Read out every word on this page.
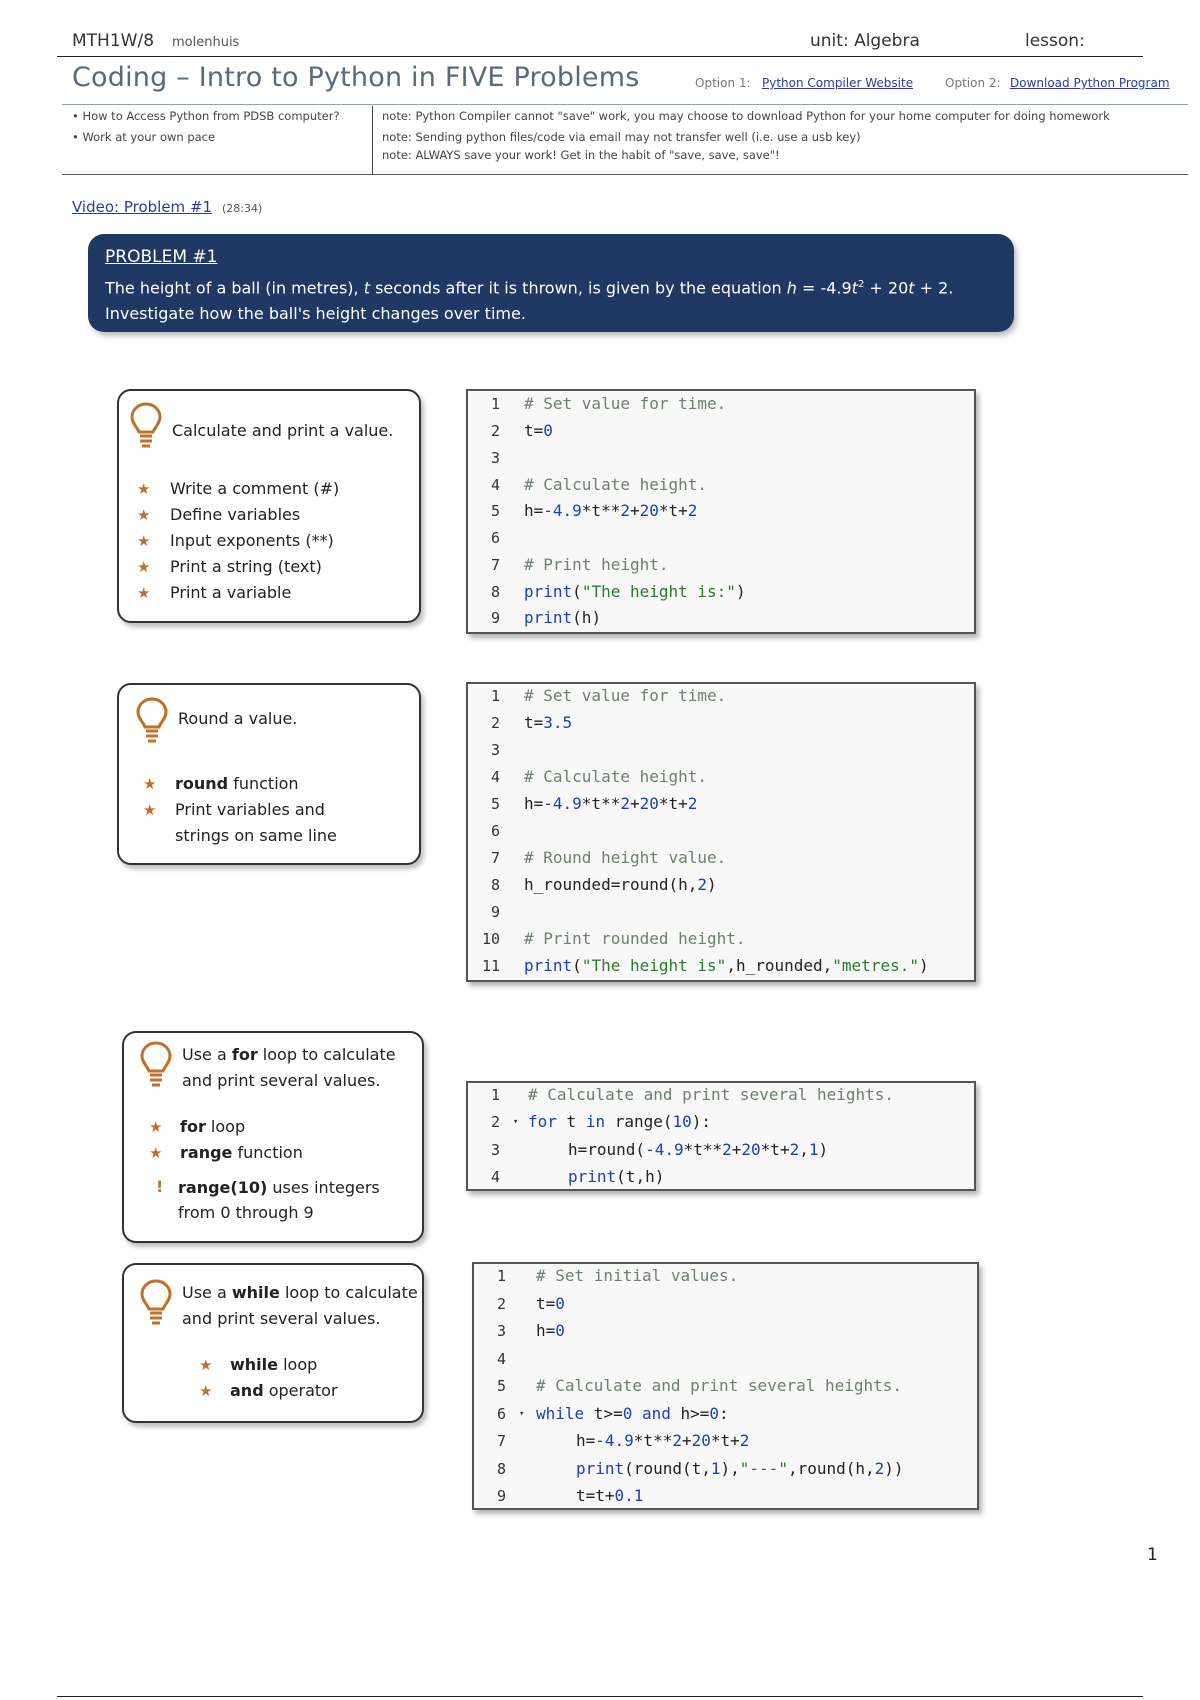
MTH1W/8 molenhuis	unit: Algebra	lesson:
Coding – Intro to Python in FIVE Problems	Option 1: Python Compiler Website	Option 2: Download Python Program
• How to Access Python from PDSB computer?
• Work at your own pace
note: Python Compiler cannot "save" work, you may choose to download Python for your home computer for doing homework
note: Sending python files/code via email may not transfer well (i.e. use a usb key)
note: ALWAYS save your work! Get in the habit of "save, save, save"!
Video: Problem #1 (28:34)
PROBLEM #1
The height of a ball (in metres), t seconds after it is thrown, is given by the equation $h = -4.9t^2 + 20t + 2$.
Investigate how the ball's height changes over time.
Calculate and print a value.
★ Write a comment (#)
★ Define variables
★ Input exponents (**)
★ Print a string (text)
★ Print a variable
1
2
3
4
5
6
7
8
9
# Set value for time.
t=0
# Calculate height.
h=-4.9*t**2+20*t+2
# Print height.
print("The height is:")
print(h)
Round a value.
★ round function
★ Print variables and
strings on same line
1
2
3
4
5
6
7
8
9
10
11
# Set value for time.
t=3.5
# Calculate height.
h=-4.9*t**2+20*t+2
# Round height value.
h_rounded=round(h,2)
# Print rounded height.
print("The height is",h_rounded,"metres.")
Use a for loop to calculate
and print several values.
★ for loop
★ range function
! range(10) uses integers
from 0 through 9
1
2
3
4
▾
# Calculate and print several heights.
for t in range(10):
h=round(-4.9*t**2+20*t+2,1)
print(t,h)
Use a while loop to calculate
and print several values.
★ while loop
★ and operator
1
2
3
4
5
6
7
8
9
▾
# Set initial values.
t=0
h=0
# Calculate and print several heights.
while t>=0 and h>=0:
h=-4.9*t**2+20*t+2
print(round(t,1),"---",round(h,2))
t=t+0.1
1
